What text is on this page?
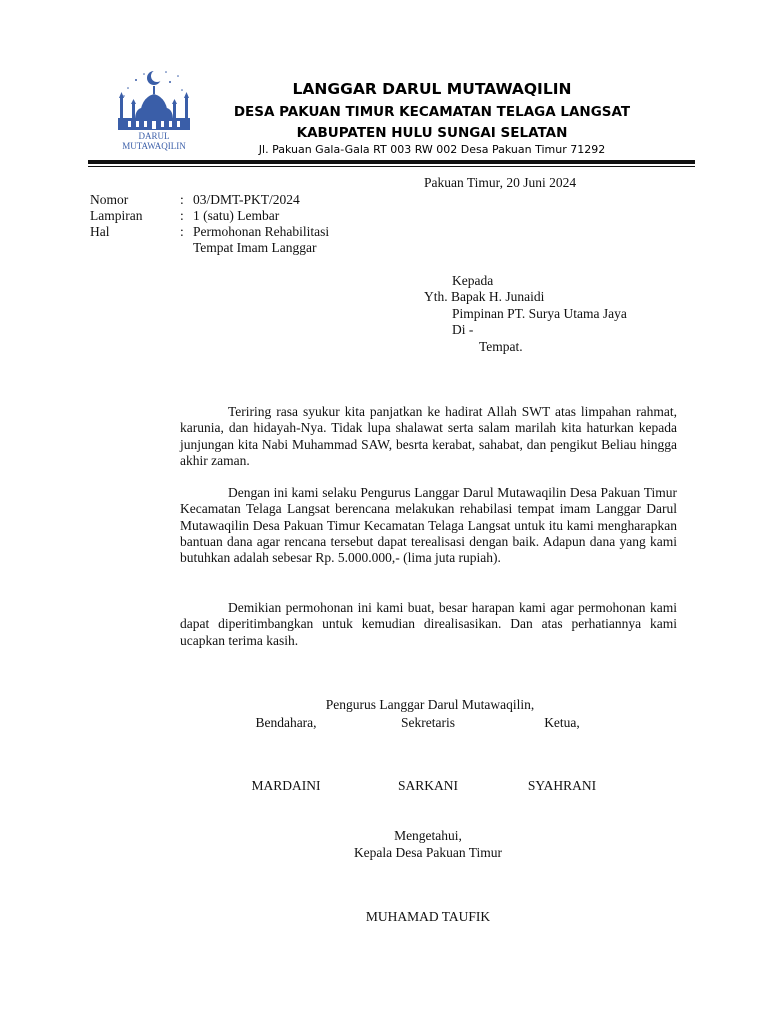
DARUL
MUTAWAQILIN
LANGGAR DARUL MUTAWAQILIN
DESA PAKUAN TIMUR KECAMATAN TELAGA LANGSAT
KABUPATEN HULU SUNGAI SELATAN
Jl. Pakuan Gala-Gala RT 003 RW 002 Desa Pakuan Timur 71292
Pakuan Timur, 20 Juni 2024
Nomor	: 03/DMT-PKT/2024
Lampiran	: 1 (satu) Lembar
Hal	: Permohonan Rehabilitasi
Tempat Imam Langgar
Kepada
Yth. Bapak H. Junaidi
Pimpinan PT. Surya Utama Jaya
Di -
Tempat.

Teriring rasa syukur kita panjatkan ke hadirat Allah SWT atas limpahan rahmat, karunia, dan hidayah-Nya. Tidak lupa shalawat serta salam marilah kita haturkan kepada junjungan kita Nabi Muhammad SAW, besrta kerabat, sahabat, dan pengikut Beliau hingga akhir zaman.

Dengan ini kami selaku Pengurus Langgar Darul Mutawaqilin Desa Pakuan Timur Kecamatan Telaga Langsat berencana melakukan rehabilasi tempat imam Langgar Darul Mutawaqilin Desa Pakuan Timur Kecamatan Telaga Langsat untuk itu kami mengharapkan bantuan dana agar rencana tersebut dapat terealisasi dengan baik. Adapun dana yang kami butuhkan adalah sebesar Rp. 5.000.000,- (lima juta rupiah).

Demikian permohonan ini kami buat, besar harapan kami agar permohonan kami dapat diperitimbangkan untuk kemudian direalisasikan. Dan atas perhatiannya kami ucapkan terima kasih.

Pengurus Langgar Darul Mutawaqilin,
Bendahara,	Sekretaris	Ketua,
MARDAINI	SARKANI	SYAHRANI
Mengetahui,
Kepala Desa Pakuan Timur
MUHAMAD TAUFIK
